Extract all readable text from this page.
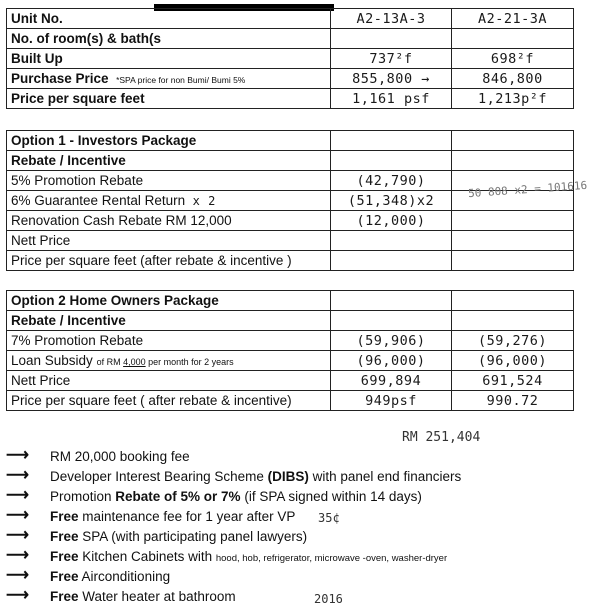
Unit No.	A2-13A-3	A2-21-3A
No. of room(s) & bath(s		
Built Up	737²f	698²f
Purchase Price *SPA price for non Bumi/ Bumi 5%	855,800 →	846,800
Price per square feet	1,161 psf	1,213p²f
Option 1 - Investors Package		
Rebate / Incentive		
5% Promotion Rebate	(42,790)	
6% Guarantee Rental Return x 2	(51,348)x2	
Renovation Cash Rebate RM 12,000	(12,000)	
Nett Price		
Price per square feet (after rebate & incentive )		
50 808 x2 = 101616
Option 2 Home Owners Package		
Rebate / Incentive		
7% Promotion Rebate	(59,906)	(59,276)
Loan Subsidy of RM 4,000 per month for 2 years	(96,000)	(96,000)
Nett Price	699,894	691,524
Price per square feet ( after rebate & incentive)	949psf	990.72
RM 251,404
35¢
2016
⟶	RM 20,000 booking fee
⟶	Developer Interest Bearing Scheme (DIBS) with panel end financiers
⟶	Promotion Rebate of 5% or 7% (if SPA signed within 14 days)
⟶	Free maintenance fee for 1 year after VP
⟶	Free SPA (with participating panel lawyers)
⟶	Free Kitchen Cabinets with hood, hob, refrigerator, microwave -oven, washer-dryer
⟶	Free Airconditioning
⟶	Free Water heater at bathroom
